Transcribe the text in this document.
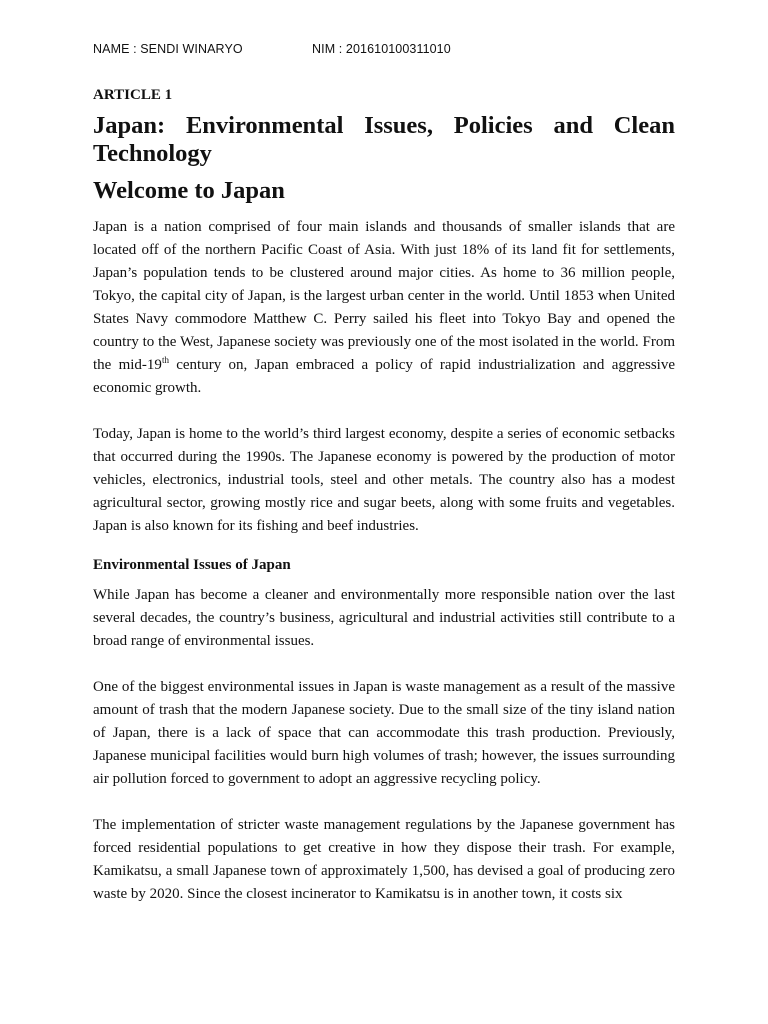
NAME : SENDI WINARYO	NIM : 201610100311010
ARTICLE 1
Japan: Environmental Issues, Policies and Clean
Technology
Welcome to Japan

Japan is a nation comprised of four main islands and thousands of smaller islands that are located off of the northern Pacific Coast of Asia. With just 18% of its land fit for settlements, Japan’s population tends to be clustered around major cities. As home to 36 million people, Tokyo, the capital city of Japan, is the largest urban center in the world. Until 1853 when United States Navy commodore Matthew C. Perry sailed his fleet into Tokyo Bay and opened the country to the West, Japanese society was previously one of the most isolated in the world. From the mid-19th century on, Japan embraced a policy of rapid industrialization and aggressive economic growth.

Today, Japan is home to the world’s third largest economy, despite a series of economic setbacks that occurred during the 1990s. The Japanese economy is powered by the production of motor vehicles, electronics, industrial tools, steel and other metals. The country also has a modest agricultural sector, growing mostly rice and sugar beets, along with some fruits and vegetables. Japan is also known for its fishing and beef industries.

Environmental Issues of Japan

While Japan has become a cleaner and environmentally more responsible nation over the last several decades, the country’s business, agricultural and industrial activities still contribute to a broad range of environmental issues.

One of the biggest environmental issues in Japan is waste management as a result of the massive amount of trash that the modern Japanese society. Due to the small size of the tiny island nation of Japan, there is a lack of space that can accommodate this trash production. Previously, Japanese municipal facilities would burn high volumes of trash; however, the issues surrounding air pollution forced to government to adopt an aggressive recycling policy.

The implementation of stricter waste management regulations by the Japanese government has forced residential populations to get creative in how they dispose their trash. For example, Kamikatsu, a small Japanese town of approximately 1,500, has devised a goal of producing zero waste by 2020. Since the closest incinerator to Kamikatsu is in another town, it costs six
